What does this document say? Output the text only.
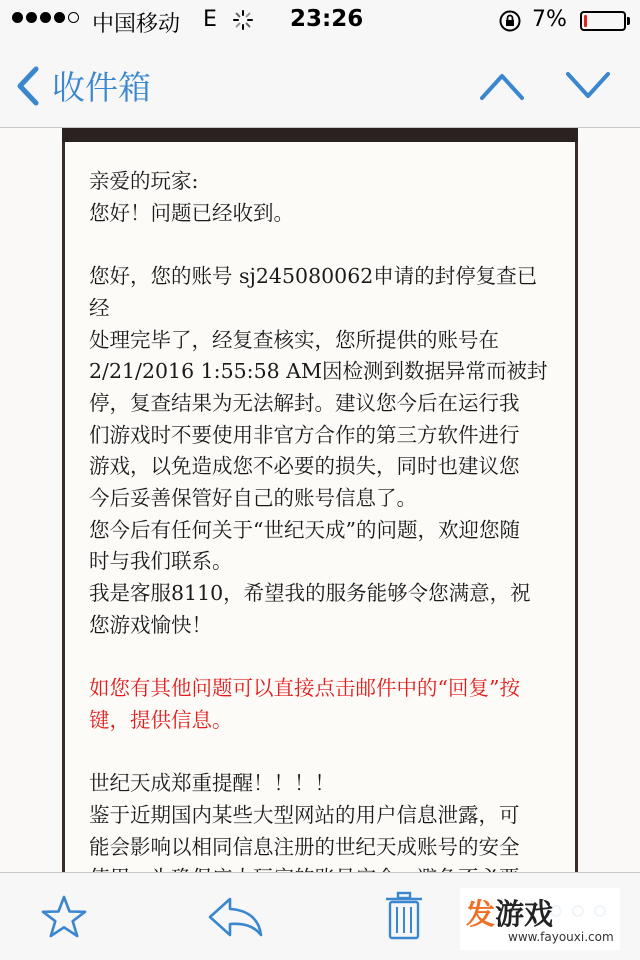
中国移动 E	23:26	7%
收件箱

亲爱的玩家:

您好！问题已经收到。

您好，您的账号 sj245080062申请的封停复查已经

处理完毕了，经复查核实，您所提供的账号在

2/21/2016 1:55:58 AM因检测到数据异常而被封

停，复查结果为无法解封。建议您今后在运行我

们游戏时不要使用非官方合作的第三方软件进行

游戏，以免造成您不必要的损失，同时也建议您

今后妥善保管好自己的账号信息了。

您今后有任何关于“世纪天成”的问题，欢迎您随

时与我们联系。

我是客服8110，希望我的服务能够令您满意，祝

您游戏愉快！

如您有其他问题可以直接点击邮件中的“回复”按

键，提供信息。

世纪天成郑重提醒！！！！

鉴于近期国内某些大型网站的用户信息泄露，可

能会影响以相同信息注册的世纪天成账号的安全

发游戏
www.fayouxi.com
